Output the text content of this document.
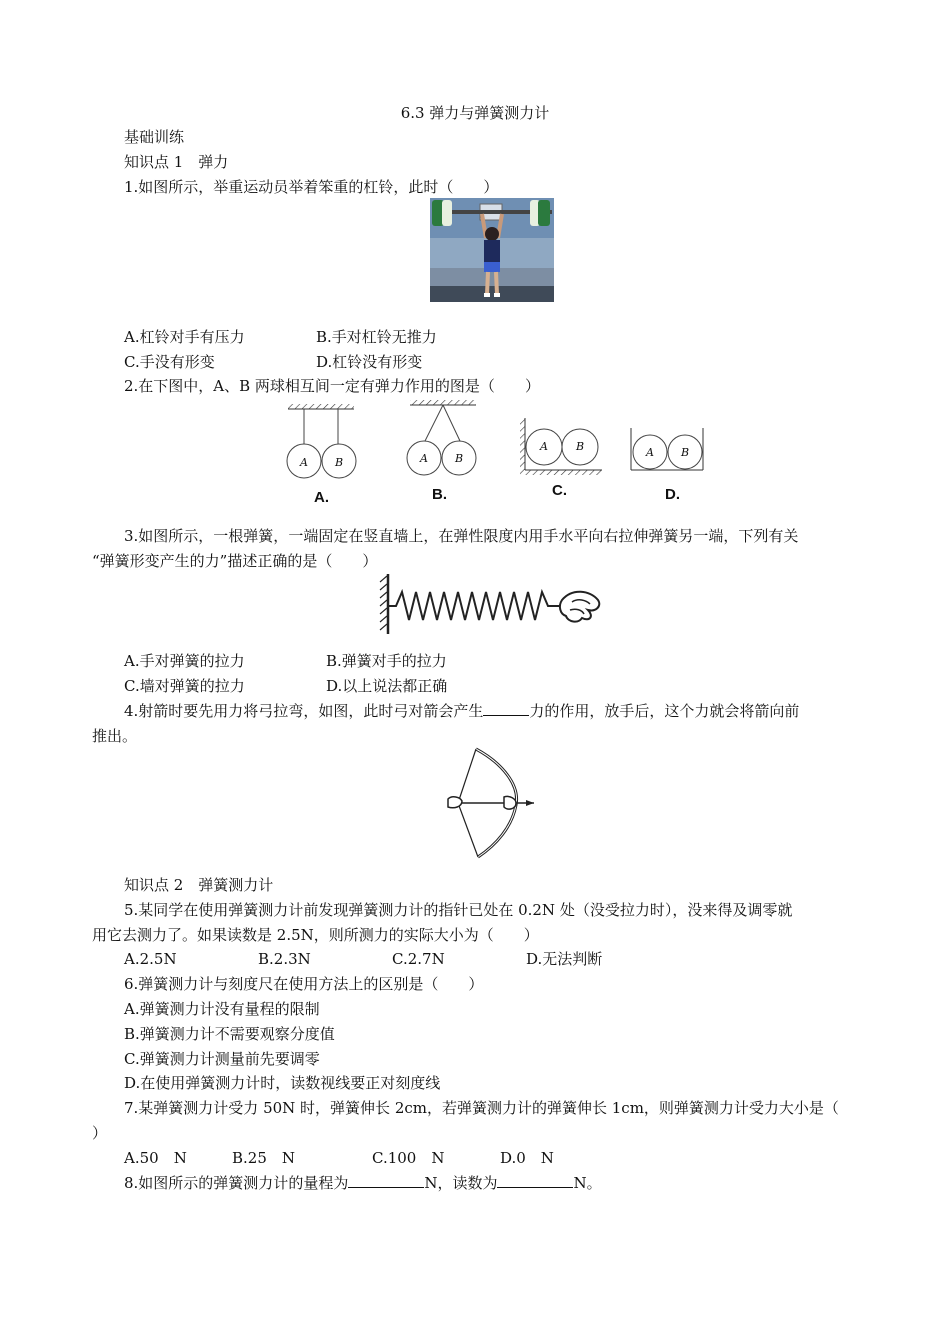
6.3 弹力与弹簧测力计
基础训练
知识点 1　弹力
1.如图所示，举重运动员举着笨重的杠铃，此时（　　）
A.杠铃对手有压力	B.手对杠铃无推力
C.手没有形变	D.杠铃没有形变
2.在下图中，A、B 两球相互间一定有弹力作用的图是（　　）
A B	A B
A	B	A B
A.	B.	C.	D.
3.如图所示，一根弹簧，一端固定在竖直墙上，在弹性限度内用手水平向右拉伸弹簧另一端，下列有关
“弹簧形变产生的力”描述正确的是（　　）
A.手对弹簧的拉力	B.弹簧对手的拉力
C.墙对弹簧的拉力	D.以上说法都正确
4.射箭时要先用力将弓拉弯，如图，此时弓对箭会产生	力的作用，放手后，这个力就会将箭向前
推出。
知识点 2　弹簧测力计
5.某同学在使用弹簧测力计前发现弹簧测力计的指针已处在 0.2N 处（没受拉力时），没来得及调零就
用它去测力了。如果读数是 2.5N，则所测力的实际大小为（　　）
A.2.5N	B.2.3N	C.2.7N	D.无法判断
6.弹簧测力计与刻度尺在使用方法上的区别是（　　）
A.弹簧测力计没有量程的限制
B.弹簧测力计不需要观察分度值
C.弹簧测力计测量前先要调零
D.在使用弹簧测力计时，读数视线要正对刻度线
7.某弹簧测力计受力 50N 时，弹簧伸长 2cm，若弹簧测力计的弹簧伸长 1cm，则弹簧测力计受力大小是（
）
A.50　N	B.25　N	C.100　N	D.0　N
8.如图所示的弹簧测力计的量程为	N，读数为	N。
